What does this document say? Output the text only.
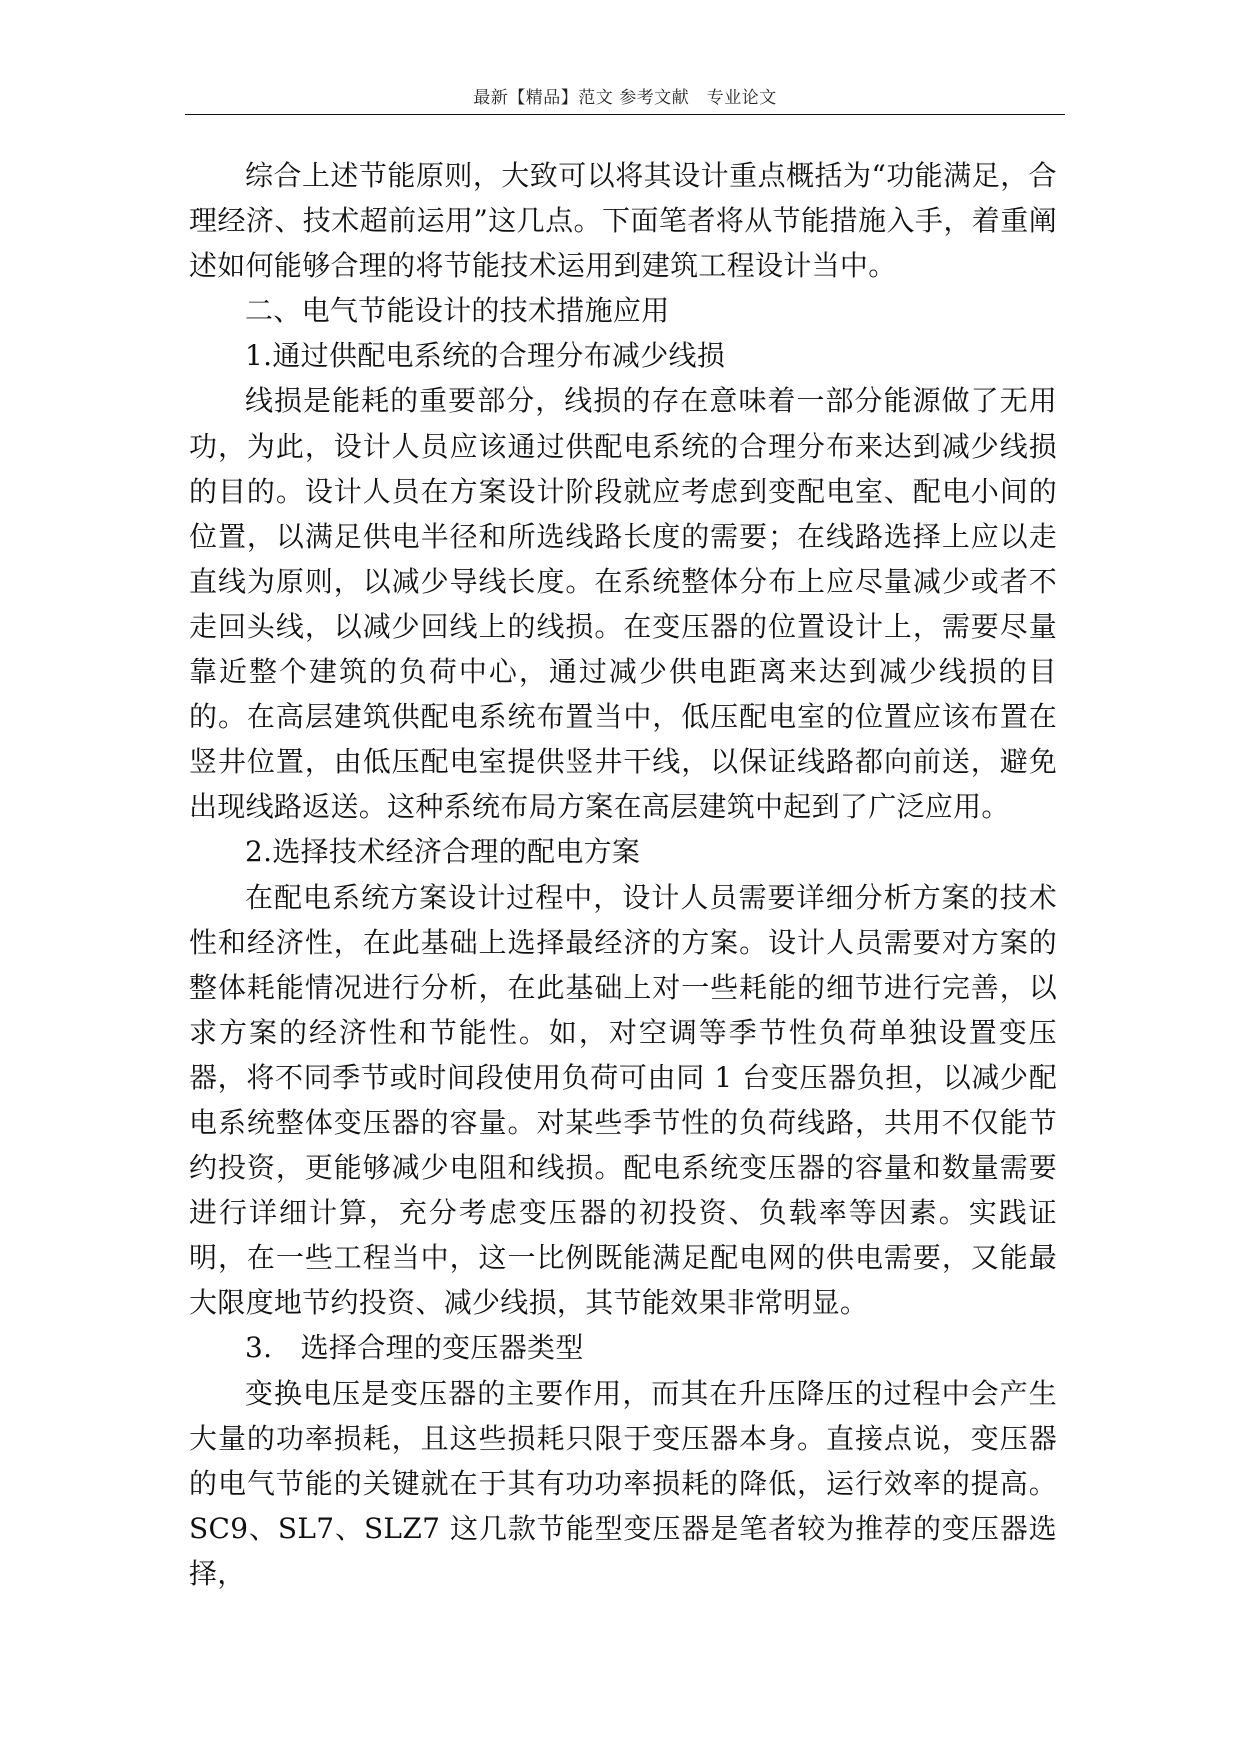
最新【精品】范文 参考文献　专业论文

综合上述节能原则，大致可以将其设计重点概括为“功能满足，合理经济、技术超前运用”这几点。下面笔者将从节能措施入手，着重阐述如何能够合理的将节能技术运用到建筑工程设计当中。

二、电气节能设计的技术措施应用

1.通过供配电系统的合理分布减少线损

线损是能耗的重要部分，线损的存在意味着一部分能源做了无用功，为此，设计人员应该通过供配电系统的合理分布来达到减少线损的目的。设计人员在方案设计阶段就应考虑到变配电室、配电小间的位置，以满足供电半径和所选线路长度的需要；在线路选择上应以走直线为原则，以减少导线长度。在系统整体分布上应尽量减少或者不走回头线，以减少回线上的线损。在变压器的位置设计上，需要尽量靠近整个建筑的负荷中心，通过减少供电距离来达到减少线损的目的。在高层建筑供配电系统布置当中，低压配电室的位置应该布置在竖井位置，由低压配电室提供竖井干线，以保证线路都向前送，避免出现线路返送。这种系统布局方案在高层建筑中起到了广泛应用。

2.选择技术经济合理的配电方案

在配电系统方案设计过程中，设计人员需要详细分析方案的技术性和经济性，在此基础上选择最经济的方案。设计人员需要对方案的整体耗能情况进行分析，在此基础上对一些耗能的细节进行完善，以求方案的经济性和节能性。如，对空调等季节性负荷单独设置变压器，将不同季节或时间段使用负荷可由同 1 台变压器负担，以减少配电系统整体变压器的容量。对某些季节性的负荷线路，共用不仅能节约投资，更能够减少电阻和线损。配电系统变压器的容量和数量需要进行详细计算，充分考虑变压器的初投资、负载率等因素。实践证明，在一些工程当中，这一比例既能满足配电网的供电需要，又能最大限度地节约投资、减少线损，其节能效果非常明显。

3.　选择合理的变压器类型

变换电压是变压器的主要作用，而其在升压降压的过程中会产生大量的功率损耗，且这些损耗只限于变压器本身。直接点说，变压器的电气节能的关键就在于其有功功率损耗的降低，运行效率的提高。SC9、SL7、SLZ7 这几款节能型变压器是笔者较为推荐的变压器选择，
